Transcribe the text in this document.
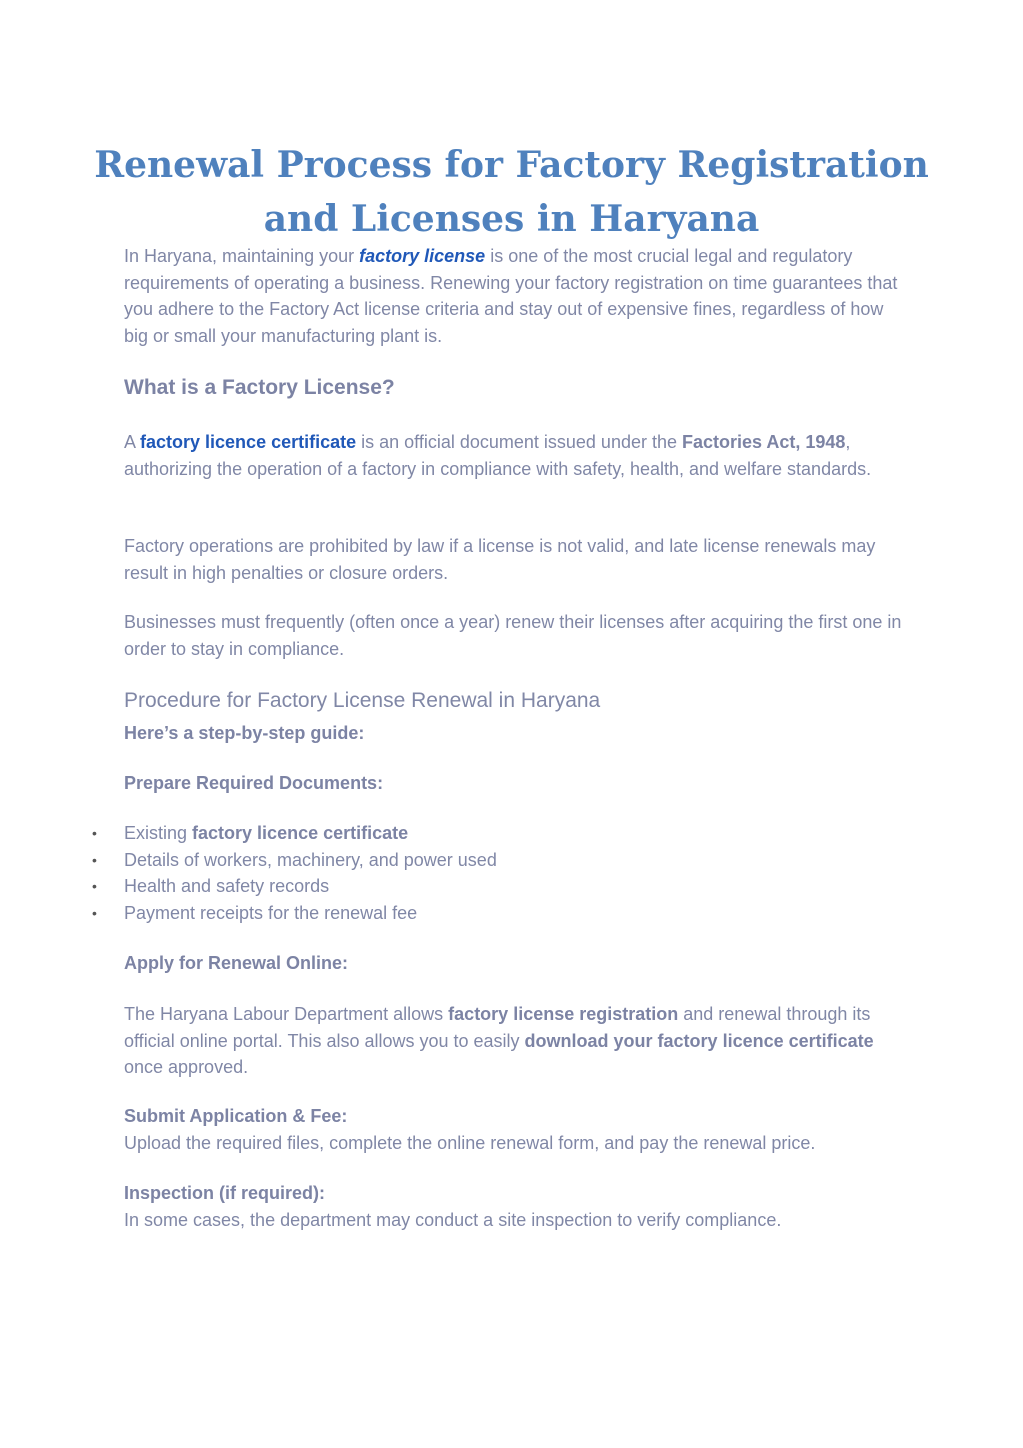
Renewal Process for Factory Registration and Licenses in Haryana

In Haryana, maintaining your factory license is one of the most crucial legal and regulatory requirements of operating a business. Renewing your factory registration on time guarantees that you adhere to the Factory Act license criteria and stay out of expensive fines, regardless of how big or small your manufacturing plant is.

What is a Factory License?

A factory licence certificate is an official document issued under the Factories Act, 1948, authorizing the operation of a factory in compliance with safety, health, and welfare standards.

Factory operations are prohibited by law if a license is not valid, and late license renewals may result in high penalties or closure orders.
Businesses must frequently (often once a year) renew their licenses after acquiring the first one in order to stay in compliance.
Procedure for Factory License Renewal in Haryana
Here’s a step-by-step guide:
Prepare Required Documents:
• Existing factory licence certificate
• Details of workers, machinery, and power used
• Health and safety records
• Payment receipts for the renewal fee
Apply for Renewal Online:

The Haryana Labour Department allows factory license registration and renewal through its official online portal. This also allows you to easily download your factory licence certificate once approved.

Submit Application & Fee:

Upload the required files, complete the online renewal form, and pay the renewal price.

Inspection (if required):

In some cases, the department may conduct a site inspection to verify compliance.
